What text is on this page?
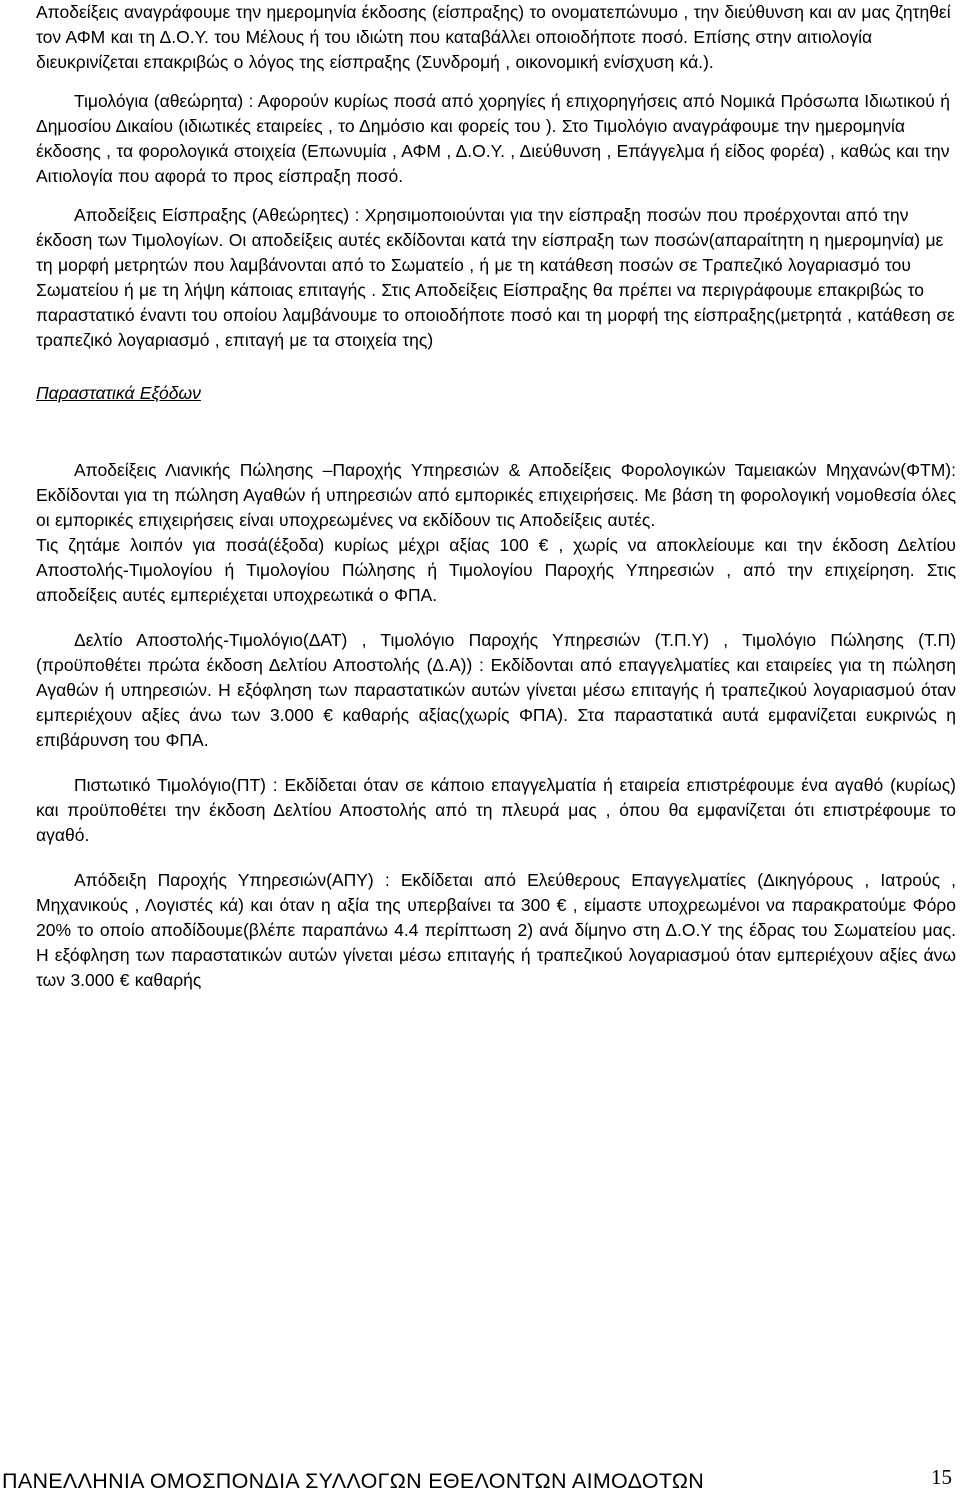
Αποδείξεις αναγράφουμε την ημερομηνία έκδοσης (είσπραξης) το ονοματεπώνυμο , την διεύθυνση και αν μας ζητηθεί τον ΑΦΜ και τη Δ.Ο.Υ. του Μέλους ή του ιδιώτη που καταβάλλει οποιοδήποτε ποσό. Επίσης στην αιτιολογία διευκρινίζεται επακριβώς ο λόγος της είσπραξης (Συνδρομή , οικονομική ενίσχυση κά.).

Τιμολόγια (αθεώρητα) : Αφορούν κυρίως ποσά από χορηγίες ή επιχορηγήσεις από Νομικά Πρόσωπα Ιδιωτικού ή Δημοσίου Δικαίου (ιδιωτικές εταιρείες , το Δημόσιο και φορείς του ). Στο Τιμολόγιο αναγράφουμε την ημερομηνία έκδοσης , τα φορολογικά στοιχεία (Επωνυμία , ΑΦΜ , Δ.Ο.Υ. , Διεύθυνση , Επάγγελμα ή είδος φορέα) , καθώς και την Αιτιολογία που αφορά το προς είσπραξη ποσό.

Αποδείξεις Είσπραξης (Αθεώρητες) : Χρησιμοποιούνται για την είσπραξη ποσών που προέρχονται από την έκδοση των Τιμολογίων. Οι αποδείξεις αυτές εκδίδονται κατά την είσπραξη των ποσών(απαραίτητη η ημερομηνία) με τη μορφή μετρητών που λαμβάνονται από το Σωματείο , ή με τη κατάθεση ποσών σε Τραπεζικό λογαριασμό του Σωματείου ή με τη λήψη κάποιας επιταγής . Στις Αποδείξεις Είσπραξης θα πρέπει να περιγράφουμε επακριβώς το παραστατικό έναντι του οποίου λαμβάνουμε το οποιοδήποτε ποσό και τη μορφή της είσπραξης(μετρητά , κατάθεση σε τραπεζικό λογαριασμό , επιταγή με τα στοιχεία της)

Παραστατικά Εξόδων

Αποδείξεις Λιανικής Πώλησης –Παροχής Υπηρεσιών & Αποδείξεις Φορολογικών Ταμειακών Μηχανών(ΦΤΜ): Εκδίδονται για τη πώληση Αγαθών ή υπηρεσιών από εμπορικές επιχειρήσεις. Με βάση τη φορολογική νομοθεσία όλες οι εμπορικές επιχειρήσεις είναι υποχρεωμένες να εκδίδουν τις Αποδείξεις αυτές.

Τις ζητάμε λοιπόν για ποσά(έξοδα) κυρίως μέχρι αξίας 100 € , χωρίς να αποκλείουμε και την έκδοση Δελτίου Αποστολής-Τιμολογίου ή Τιμολογίου Πώλησης ή Τιμολογίου Παροχής Υπηρεσιών , από την επιχείρηση. Στις αποδείξεις αυτές εμπεριέχεται υποχρεωτικά ο ΦΠΑ.

Δελτίο Αποστολής-Τιμολόγιο(ΔΑΤ) , Τιμολόγιο Παροχής Υπηρεσιών (Τ.Π.Υ) , Τιμολόγιο Πώλησης (Τ.Π)(προϋποθέτει πρώτα έκδοση Δελτίου Αποστολής (Δ.Α)) : Εκδίδονται από επαγγελματίες και εταιρείες για τη πώληση Αγαθών ή υπηρεσιών. Η εξόφληση των παραστατικών αυτών γίνεται μέσω επιταγής ή τραπεζικού λογαριασμού όταν εμπεριέχουν αξίες άνω των 3.000 € καθαρής αξίας(χωρίς ΦΠΑ). Στα παραστατικά αυτά εμφανίζεται ευκρινώς η επιβάρυνση του ΦΠΑ.

Πιστωτικό Τιμολόγιο(ΠΤ) : Εκδίδεται όταν σε κάποιο επαγγελματία ή εταιρεία επιστρέφουμε ένα αγαθό (κυρίως) και προϋποθέτει την έκδοση Δελτίου Αποστολής από τη πλευρά μας , όπου θα εμφανίζεται ότι επιστρέφουμε το αγαθό.

Απόδειξη Παροχής Υπηρεσιών(ΑΠΥ) : Εκδίδεται από Ελεύθερους Επαγγελματίες (Δικηγόρους , Ιατρούς , Μηχανικούς , Λογιστές κά) και όταν η αξία της υπερβαίνει τα 300 € , είμαστε υποχρεωμένοι να παρακρατούμε Φόρο 20% το οποίο αποδίδουμε(βλέπε παραπάνω 4.4 περίπτωση 2) ανά δίμηνο στη Δ.Ο.Υ της έδρας του Σωματείου μας. Η εξόφληση των παραστατικών αυτών γίνεται μέσω επιταγής ή τραπεζικού λογαριασμού όταν εμπεριέχουν αξίες άνω των 3.000 € καθαρής

ΠΑΝΕΛΛΗΝΙΑ ΟΜΟΣΠΟΝΔΙΑ ΣΥΛΛΟΓΩΝ ΕΘΕΛΟΝΤΩΝ ΑΙΜΟΔΟΤΩΝ	15
